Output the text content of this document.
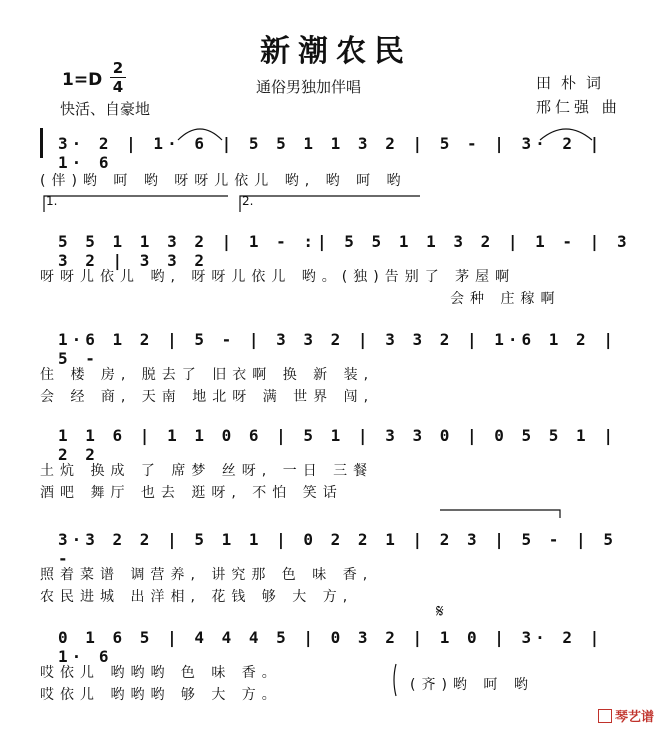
新潮农民
通俗男独加伴唱
1=D
2
4
快活、自豪地
田朴词
邢仁强 曲
3· 2 | 1· 6 | 5 5 1 1 3 2 | 5 - | 3· 2 | 1· 6
(伴)哟 呵 哟 呀呀儿依儿 哟, 哟 呵 哟
1.	2.
5 5 1 1 3 2 | 1 - :| 5 5 1 1 3 2 | 1 - | 3 3 2 | 3 3 2
呀呀儿依儿 哟, 呀呀儿依儿 哟。(独)告别了 茅屋啊
会种 庄稼啊
1·6 1 2 | 5 - | 3 3 2 | 3 3 2 | 1·6 1 2 | 5 -
住 楼 房, 脱去了 旧衣啊 换 新 装,
会 经 商, 天南 地北呀 满 世界 闯,
1 1 6 | 1 1 0 6 | 5 1 | 3 3 0 | 0 5 5 1 | 2 2
土炕 换成 了 席梦 丝呀, 一日 三餐
酒吧 舞厅 也去 逛呀, 不怕 笑话
3·3 2 2 | 5 1 1 | 0 2 2 1 | 2 3 | 5 - | 5 -
照着菜谱 调营养, 讲究那 色 味 香,
农民进城 出洋相, 花钱 够 大 方,
𝄋
0 1 6 5 | 4 4 4 5 | 0 3 2 | 1 0 | 3· 2 | 1· 6
哎依儿 哟哟哟 色 味 香。
哎依儿 哟哟哟 够 大 方。
(齐)哟 呵 哟
琴艺谱
